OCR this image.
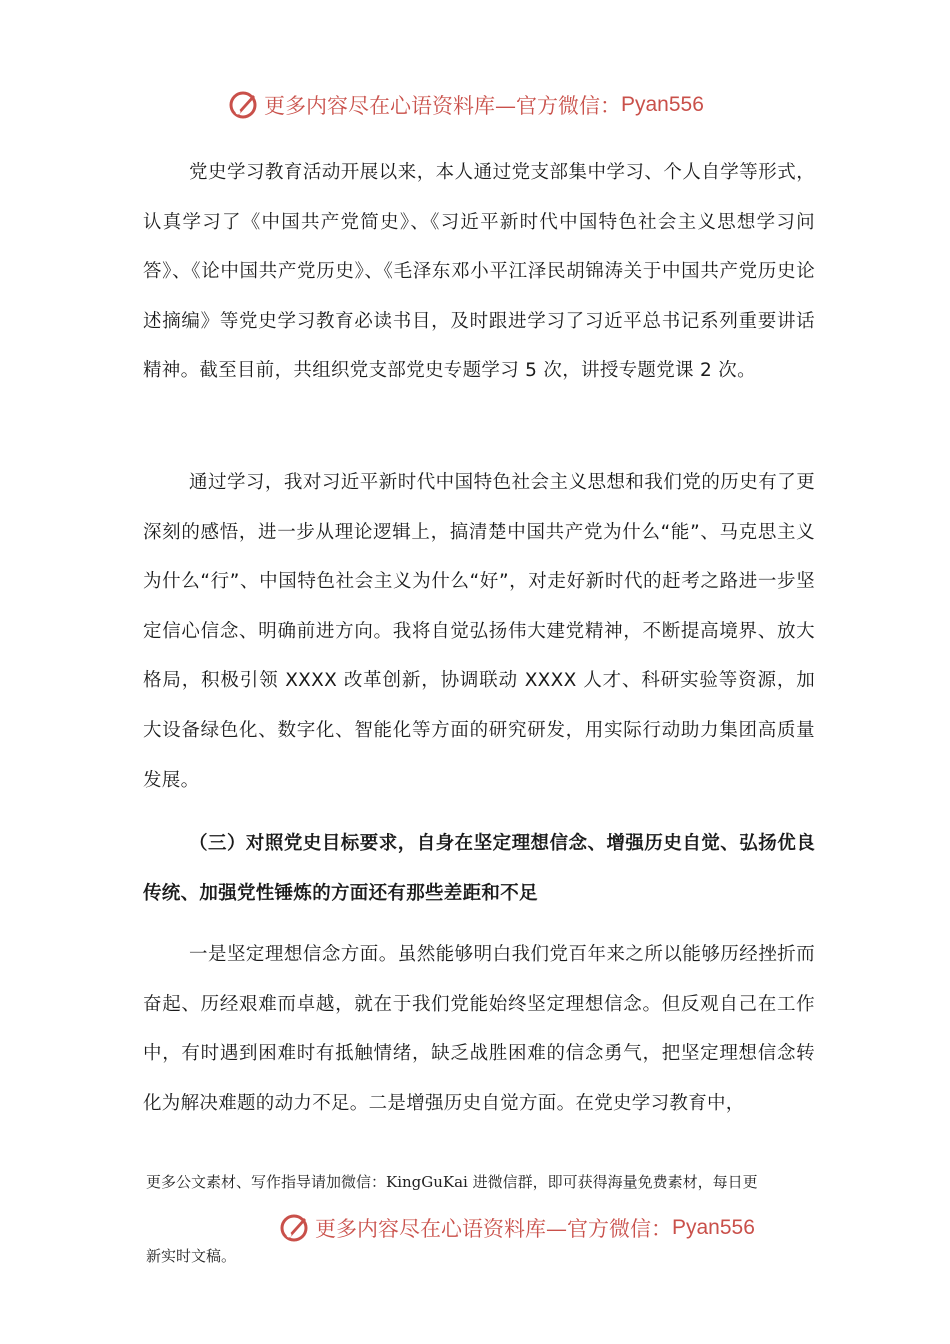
更多内容尽在心语资料库—官方微信： Pyan556

党史学习教育活动开展以来，本人通过党支部集中学习、个人自学等形式，认真学习了《中国共产党简史》、《习近平新时代中国特色社会主义思想学习问答》、《论中国共产党历史》、《毛泽东邓小平江泽民胡锦涛关于中国共产党历史论述摘编》等党史学习教育必读书目，及时跟进学习了习近平总书记系列重要讲话精神。截至目前，共组织党支部党史专题学习 5 次，讲授专题党课 2 次。

通过学习，我对习近平新时代中国特色社会主义思想和我们党的历史有了更深刻的感悟，进一步从理论逻辑上，搞清楚中国共产党为什么“能”、马克思主义为什么“行”、中国特色社会主义为什么“好”，对走好新时代的赶考之路进一步坚定信心信念、明确前进方向。我将自觉弘扬伟大建党精神，不断提高境界、放大格局，积极引领 XXXX 改革创新，协调联动 XXXX 人才、科研实验等资源，加大设备绿色化、数字化、智能化等方面的研究研发，用实际行动助力集团高质量发展。

（三）对照党史目标要求，自身在坚定理想信念、增强历史自觉、弘扬优良传统、加强党性锤炼的方面还有那些差距和不足

一是坚定理想信念方面。虽然能够明白我们党百年来之所以能够历经挫折而奋起、历经艰难而卓越，就在于我们党能始终坚定理想信念。但反观自己在工作中，有时遇到困难时有抵触情绪，缺乏战胜困难的信念勇气，把坚定理想信念转化为解决难题的动力不足。二是增强历史自觉方面。在党史学习教育中，

更多公文素材、写作指导请加微信：KingGuKai 进微信群，即可获得海量免费素材，每日更
更多内容尽在心语资料库—官方微信： Pyan556
新实时文稿。
